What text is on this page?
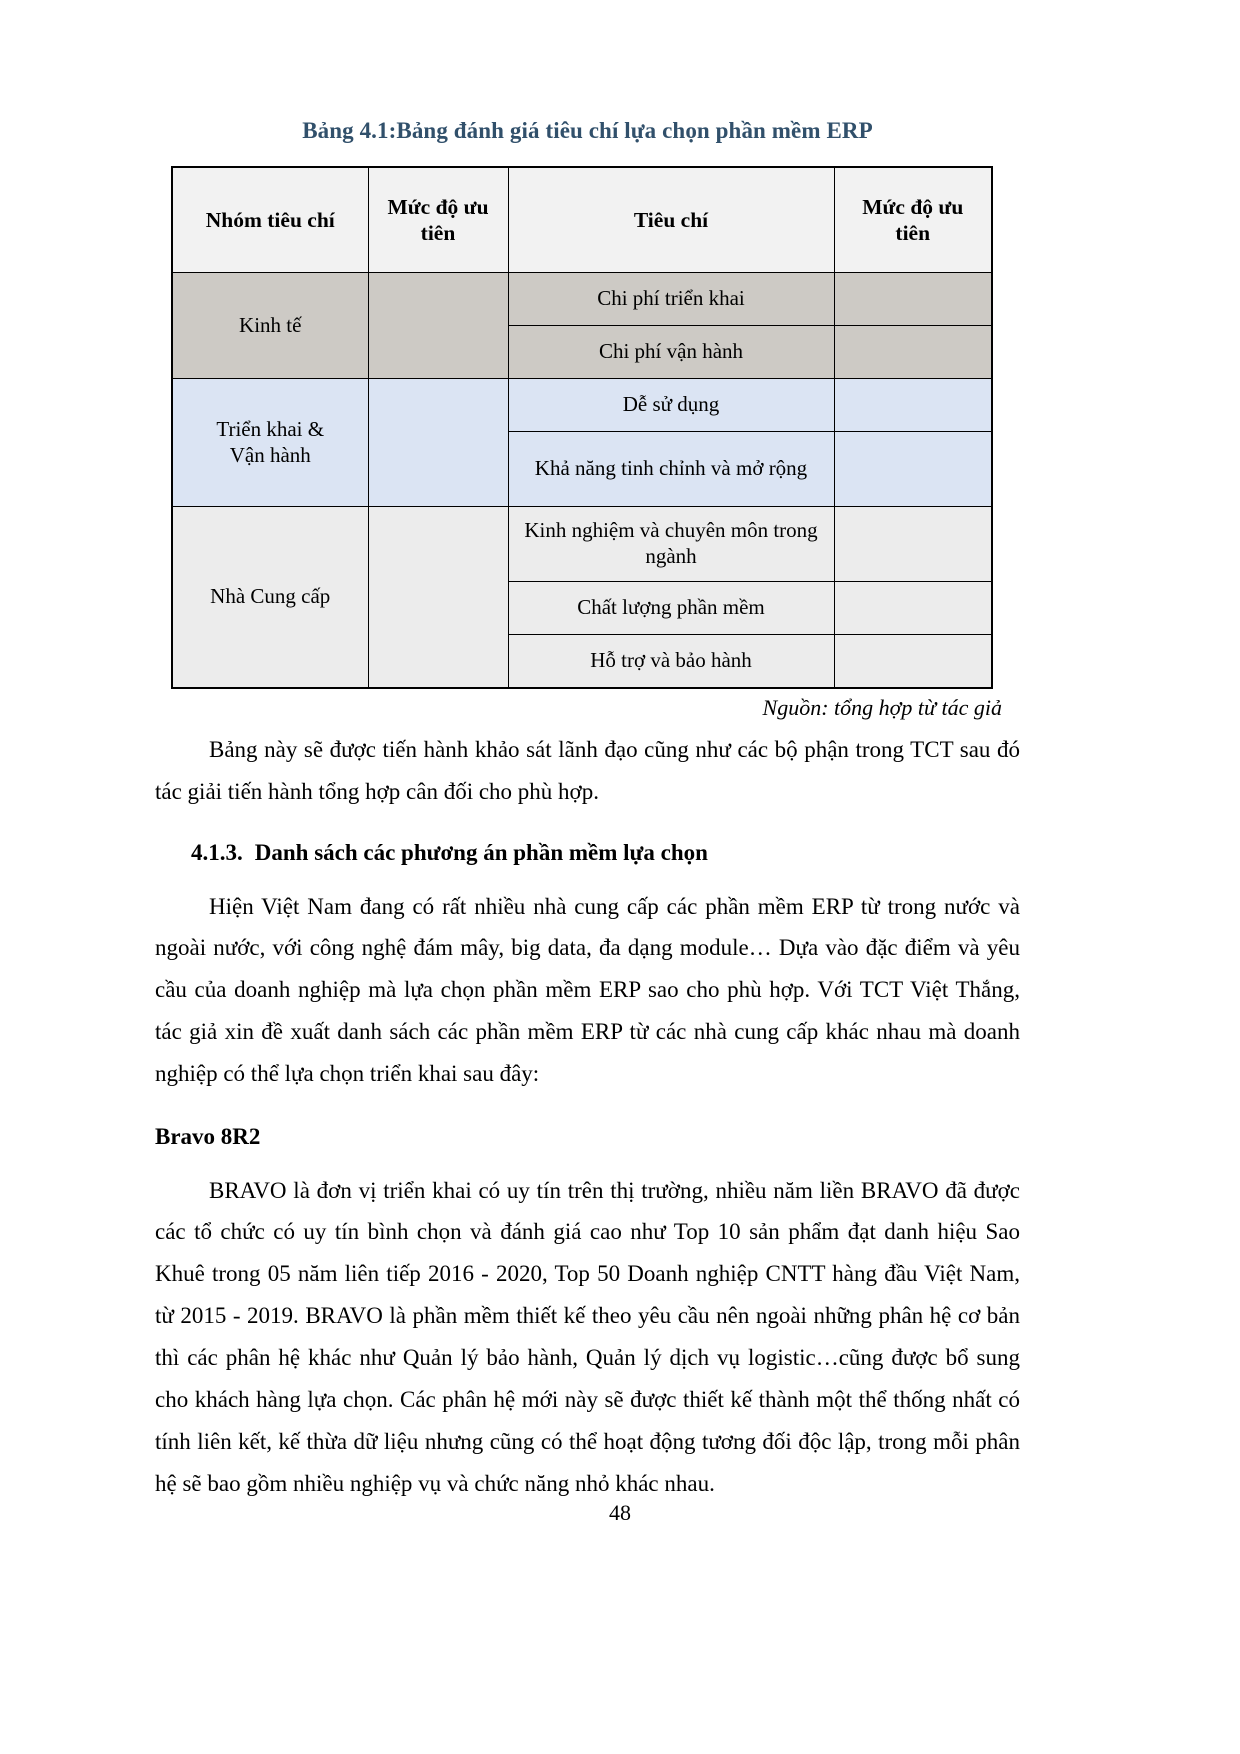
Bảng 4.1:Bảng đánh giá tiêu chí lựa chọn phần mềm ERP
Nhóm tiêu chí	Mức độ ưu tiên	Tiêu chí	Mức độ ưu tiên
Kinh tế		Chi phí triển khai	
		Chi phí vận hành	
Triển khai &
Vận hành		Dễ sử dụng	
		Khả năng tinh chỉnh và mở rộng	
Nhà Cung cấp		Kinh nghiệm và chuyên môn trong ngành	
		Chất lượng phần mềm	
		Hỗ trợ và bảo hành	
Nguồn: tổng hợp từ tác giả

Bảng này sẽ được tiến hành khảo sát lãnh đạo cũng như các bộ phận trong TCT sau đó tác giải tiến hành tổng hợp cân đối cho phù hợp.

4.1.3. Danh sách các phương án phần mềm lựa chọn

Hiện Việt Nam đang có rất nhiều nhà cung cấp các phần mềm ERP từ trong nước và ngoài nước, với công nghệ đám mây, big data, đa dạng module… Dựa vào đặc điểm và yêu cầu của doanh nghiệp mà lựa chọn phần mềm ERP sao cho phù hợp. Với TCT Việt Thắng, tác giả xin đề xuất danh sách các phần mềm ERP từ các nhà cung cấp khác nhau mà doanh nghiệp có thể lựa chọn triển khai sau đây:

Bravo 8R2

BRAVO là đơn vị triển khai có uy tín trên thị trường, nhiều năm liền BRAVO đã được các tổ chức có uy tín bình chọn và đánh giá cao như Top 10 sản phẩm đạt danh hiệu Sao Khuê trong 05 năm liên tiếp 2016 - 2020, Top 50 Doanh nghiệp CNTT hàng đầu Việt Nam, từ 2015 - 2019. BRAVO là phần mềm thiết kế theo yêu cầu nên ngoài những phân hệ cơ bản thì các phân hệ khác như Quản lý bảo hành, Quản lý dịch vụ logistic…cũng được bổ sung cho khách hàng lựa chọn. Các phân hệ mới này sẽ được thiết kế thành một thể thống nhất có tính liên kết, kế thừa dữ liệu nhưng cũng có thể hoạt động tương đối độc lập, trong mỗi phân hệ sẽ bao gồm nhiều nghiệp vụ và chức năng nhỏ khác nhau.

48
